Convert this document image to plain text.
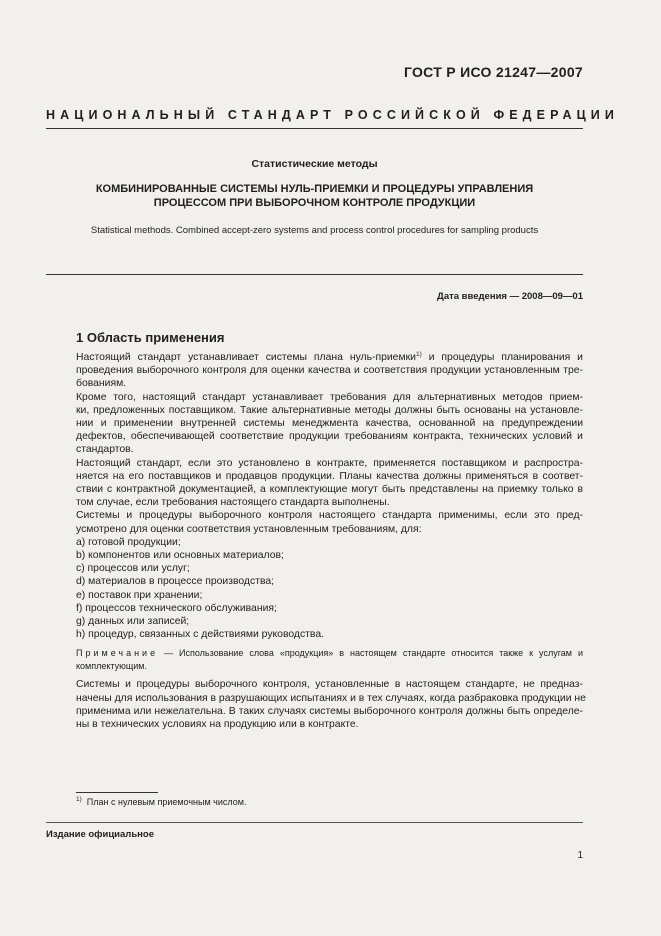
ГОСТ Р ИСО 21247—2007
НАЦИОНАЛЬНЫЙ СТАНДАРТ РОССИЙСКОЙ ФЕДЕРАЦИИ
Статистические методы
КОМБИНИРОВАННЫЕ СИСТЕМЫ НУЛЬ-ПРИЕМКИ И ПРОЦЕДУРЫ УПРАВЛЕНИЯ
ПРОЦЕССОМ ПРИ ВЫБОРОЧНОМ КОНТРОЛЕ ПРОДУКЦИИ
Statistical methods. Combined accept-zero systems and process control procedures for sampling products
Дата введения — 2008—09—01
1 Область применения
Настоящий стандарт устанавливает системы плана нуль-приемки$^{1)}$ и процедуры планирования и
проведения выборочного контроля для оценки качества и соответствия продукции установленным тре-
бованиям.
Кроме того, настоящий стандарт устанавливает требования для альтернативных методов прием-
ки, предложенных поставщиком. Такие альтернативные методы должны быть основаны на установле-
нии и применении внутренней системы менеджмента качества, основанной на предупреждении
дефектов, обеспечивающей соответствие продукции требованиям контракта, технических условий и
стандартов.
Настоящий стандарт, если это установлено в контракте, применяется поставщиком и распростра-
няется на его поставщиков и продавцов продукции. Планы качества должны применяться в соответ-
ствии с контрактной документацией, а комплектующие могут быть представлены на приемку только в
том случае, если требования настоящего стандарта выполнены.
Системы и процедуры выборочного контроля настоящего стандарта применимы, если это пред-
усмотрено для оценки соответствия установленным требованиям, для:
a) готовой продукции;
b) компонентов или основных материалов;
c) процессов или услуг;
d) материалов в процессе производства;
e) поставок при хранении;
f) процессов технического обслуживания;
g) данных или записей;
h) процедур, связанных с действиями руководства.
Примечание — Использование слова «продукция» в настоящем стандарте относится также к услугам и
комплектующим.
Системы и процедуры выборочного контроля, установленные в настоящем стандарте, не предназ-
начены для использования в разрушающих испытаниях и в тех случаях, когда разбраковка продукции не
применима или нежелательна. В таких случаях системы выборочного контроля должны быть определе-
ны в технических условиях на продукцию или в контракте.
$^{1)}$ План с нулевым приемочным числом.
Издание официальное
1
